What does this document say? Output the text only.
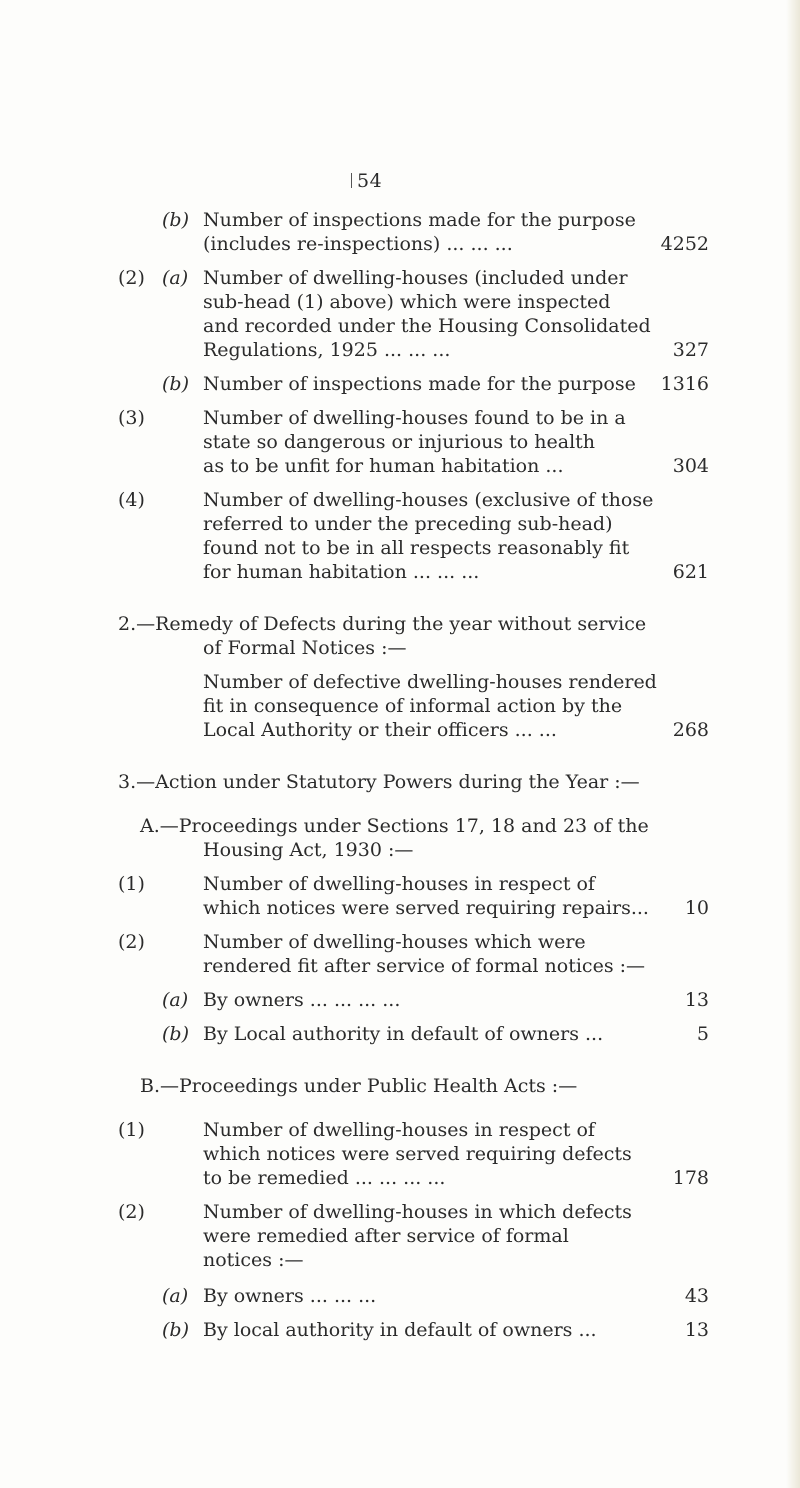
54
(b) Number of inspections made for the purpose
(includes re-inspections) ... ... ...	4252
(2) (a) Number of dwelling-houses (included under
sub-head (1) above) which were inspected
and recorded under the Housing Consolidated
Regulations, 1925 ... ... ...	327
(b) Number of inspections made for the purpose	1316
(3)	Number of dwelling-houses found to be in a
state so dangerous or injurious to health
as to be unfit for human habitation ...	304
(4)	Number of dwelling-houses (exclusive of those
referred to under the preceding sub-head)
found not to be in all respects reasonably fit
for human habitation ... ... ...	621
2.—Remedy of Defects during the year without service
of Formal Notices :—
Number of defective dwelling-houses rendered
fit in consequence of informal action by the
Local Authority or their officers ... ...	268
3.—Action under Statutory Powers during the Year :—
A.—Proceedings under Sections 17, 18 and 23 of the
Housing Act, 1930 :—
(1)	Number of dwelling-houses in respect of
which notices were served requiring repairs...	10
(2)	Number of dwelling-houses which were
rendered fit after service of formal notices :—
(a) By owners ... ... ... ...	13
(b) By Local authority in default of owners ...	5
B.—Proceedings under Public Health Acts :—
(1)	Number of dwelling-houses in respect of
which notices were served requiring defects
to be remedied ... ... ... ...	178
(2)	Number of dwelling-houses in which defects
were remedied after service of formal
notices :—
(a) By owners ... ... ...	43
(b) By local authority in default of owners ...	13
